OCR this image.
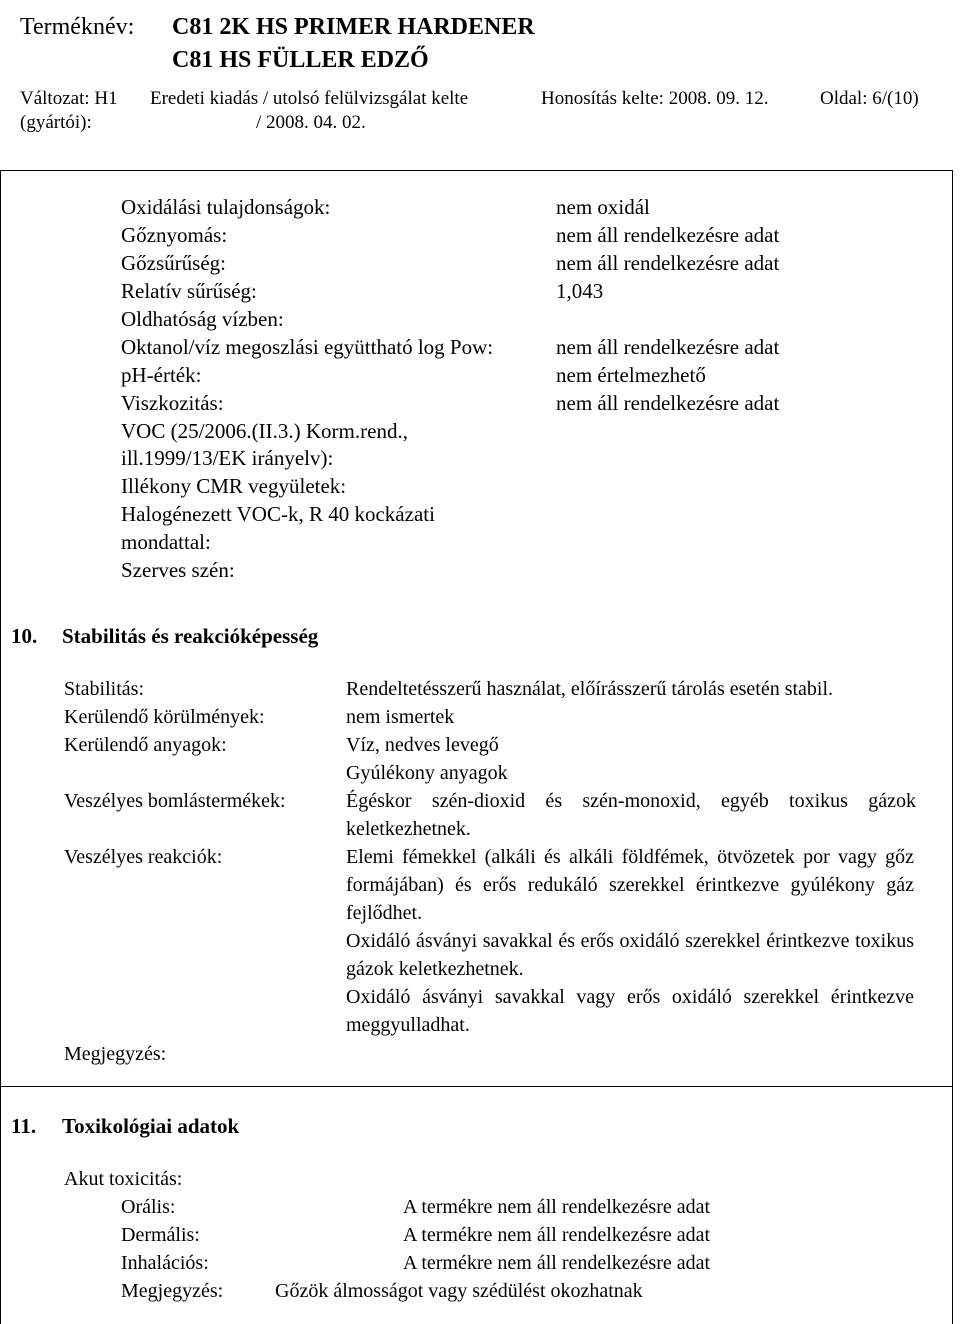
Terméknév: C81 2K HS PRIMER HARDENER
C81 HS FÜLLER EDZŐ
Változat: H1 Eredeti kiadás / utolsó felülvizsgálat kelte	Honosítás kelte: 2008. 09. 12.	Oldal: 6/(10)
(gyártói):	/ 2008. 04. 02.
Oxidálási tulajdonságok:	nem oxidál
Gőznyomás:	nem áll rendelkezésre adat
Gőzsűrűség:	nem áll rendelkezésre adat
Relatív sűrűség:	1,043
Oldhatóság vízben:
Oktanol/víz megoszlási együttható log Pow:	nem áll rendelkezésre adat
pH-érték:	nem értelmezhető
Viszkozitás:	nem áll rendelkezésre adat
VOC (25/2006.(II.3.) Korm.rend.,
ill.1999/13/EK irányelv):
Illékony CMR vegyületek:
Halogénezett VOC-k, R 40 kockázati
mondattal:
Szerves szén:
10. Stabilitás és reakcióképesség
Stabilitás:	Rendeltetésszerű használat, előírásszerű tárolás esetén stabil.
Kerülendő körülmények:	nem ismertek
Kerülendő anyagok:	Víz, nedves levegő
Gyúlékony anyagok
Veszélyes bomlástermékek:	Égéskor szén-dioxid és szén-monoxid, egyéb toxikus gázok keletkezhetnek.
Veszélyes reakciók:	Elemi fémekkel (alkáli és alkáli földfémek, ötvözetek por vagy gőz formájában) és erős redukáló szerekkel érintkezve gyúlékony gáz fejlődhet.
Oxidáló ásványi savakkal és erős oxidáló szerekkel érintkezve toxikus gázok keletkezhetnek.
Oxidáló ásványi savakkal vagy erős oxidáló szerekkel érintkezve meggyulladhat.
Megjegyzés:
11. Toxikológiai adatok
Akut toxicitás:
Orális:	A termékre nem áll rendelkezésre adat
Dermális:	A termékre nem áll rendelkezésre adat
Inhalációs:	A termékre nem áll rendelkezésre adat
Megjegyzés:	Gőzök álmosságot vagy szédülést okozhatnak
